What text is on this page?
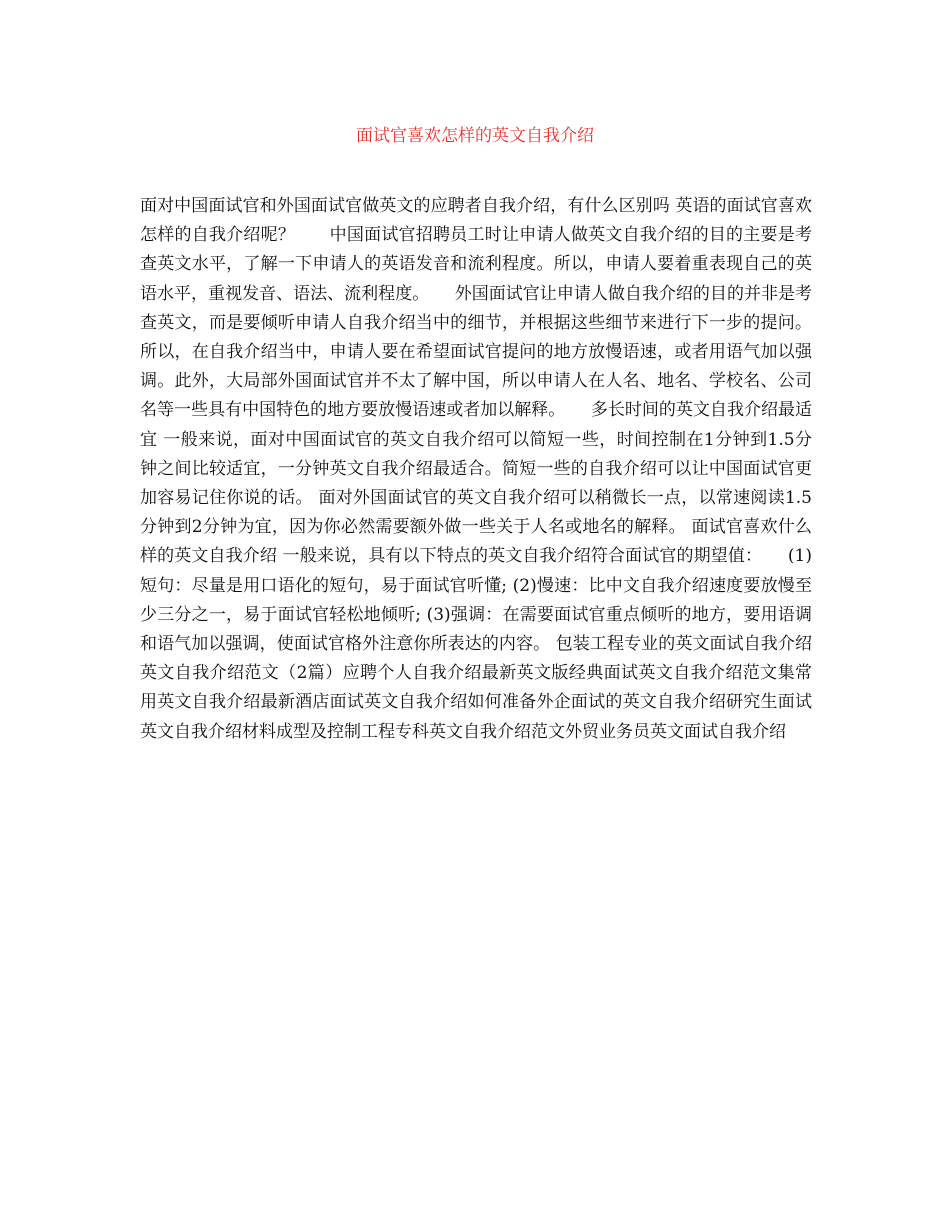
面试官喜欢怎样的英文自我介绍

面对中国面试官和外国面试官做英文的应聘者自我介绍，有什么区别吗 英语的面试官喜欢怎样的自我介绍呢？　　中国面试官招聘员工时让申请人做英文自我介绍的目的主要是考查英文水平，了解一下申请人的英语发音和流利程度。所以，申请人要着重表现自己的英语水平，重视发音、语法、流利程度。　　外国面试官让申请人做自我介绍的目的并非是考查英文，而是要倾听申请人自我介绍当中的细节，并根据这些细节来进行下一步的提问。所以，在自我介绍当中，申请人要在希望面试官提问的地方放慢语速，或者用语气加以强调。此外，大局部外国面试官并不太了解中国，所以申请人在人名、地名、学校名、公司名等一些具有中国特色的地方要放慢语速或者加以解释。　　多长时间的英文自我介绍最适宜 一般来说，面对中国面试官的英文自我介绍可以简短一些，时间控制在1分钟到1.5分钟之间比较适宜，一分钟英文自我介绍最适合。简短一些的自我介绍可以让中国面试官更加容易记住你说的话。 面对外国面试官的英文自我介绍可以稍微长一点，以常速阅读1.5分钟到2分钟为宜，因为你必然需要额外做一些关于人名或地名的解释。 面试官喜欢什么样的英文自我介绍 一般来说，具有以下特点的英文自我介绍符合面试官的期望值：　　(1)短句：尽量是用口语化的短句，易于面试官听懂; (2)慢速：比中文自我介绍速度要放慢至少三分之一，易于面试官轻松地倾听; (3)强调：在需要面试官重点倾听的地方，要用语调和语气加以强调，使面试官格外注意你所表达的内容。 包装工程专业的英文面试自我介绍英文自我介绍范文（2篇）应聘个人自我介绍最新英文版经典面试英文自我介绍范文集常用英文自我介绍最新酒店面试英文自我介绍如何准备外企面试的英文自我介绍研究生面试英文自我介绍材料成型及控制工程专科英文自我介绍范文外贸业务员英文面试自我介绍
